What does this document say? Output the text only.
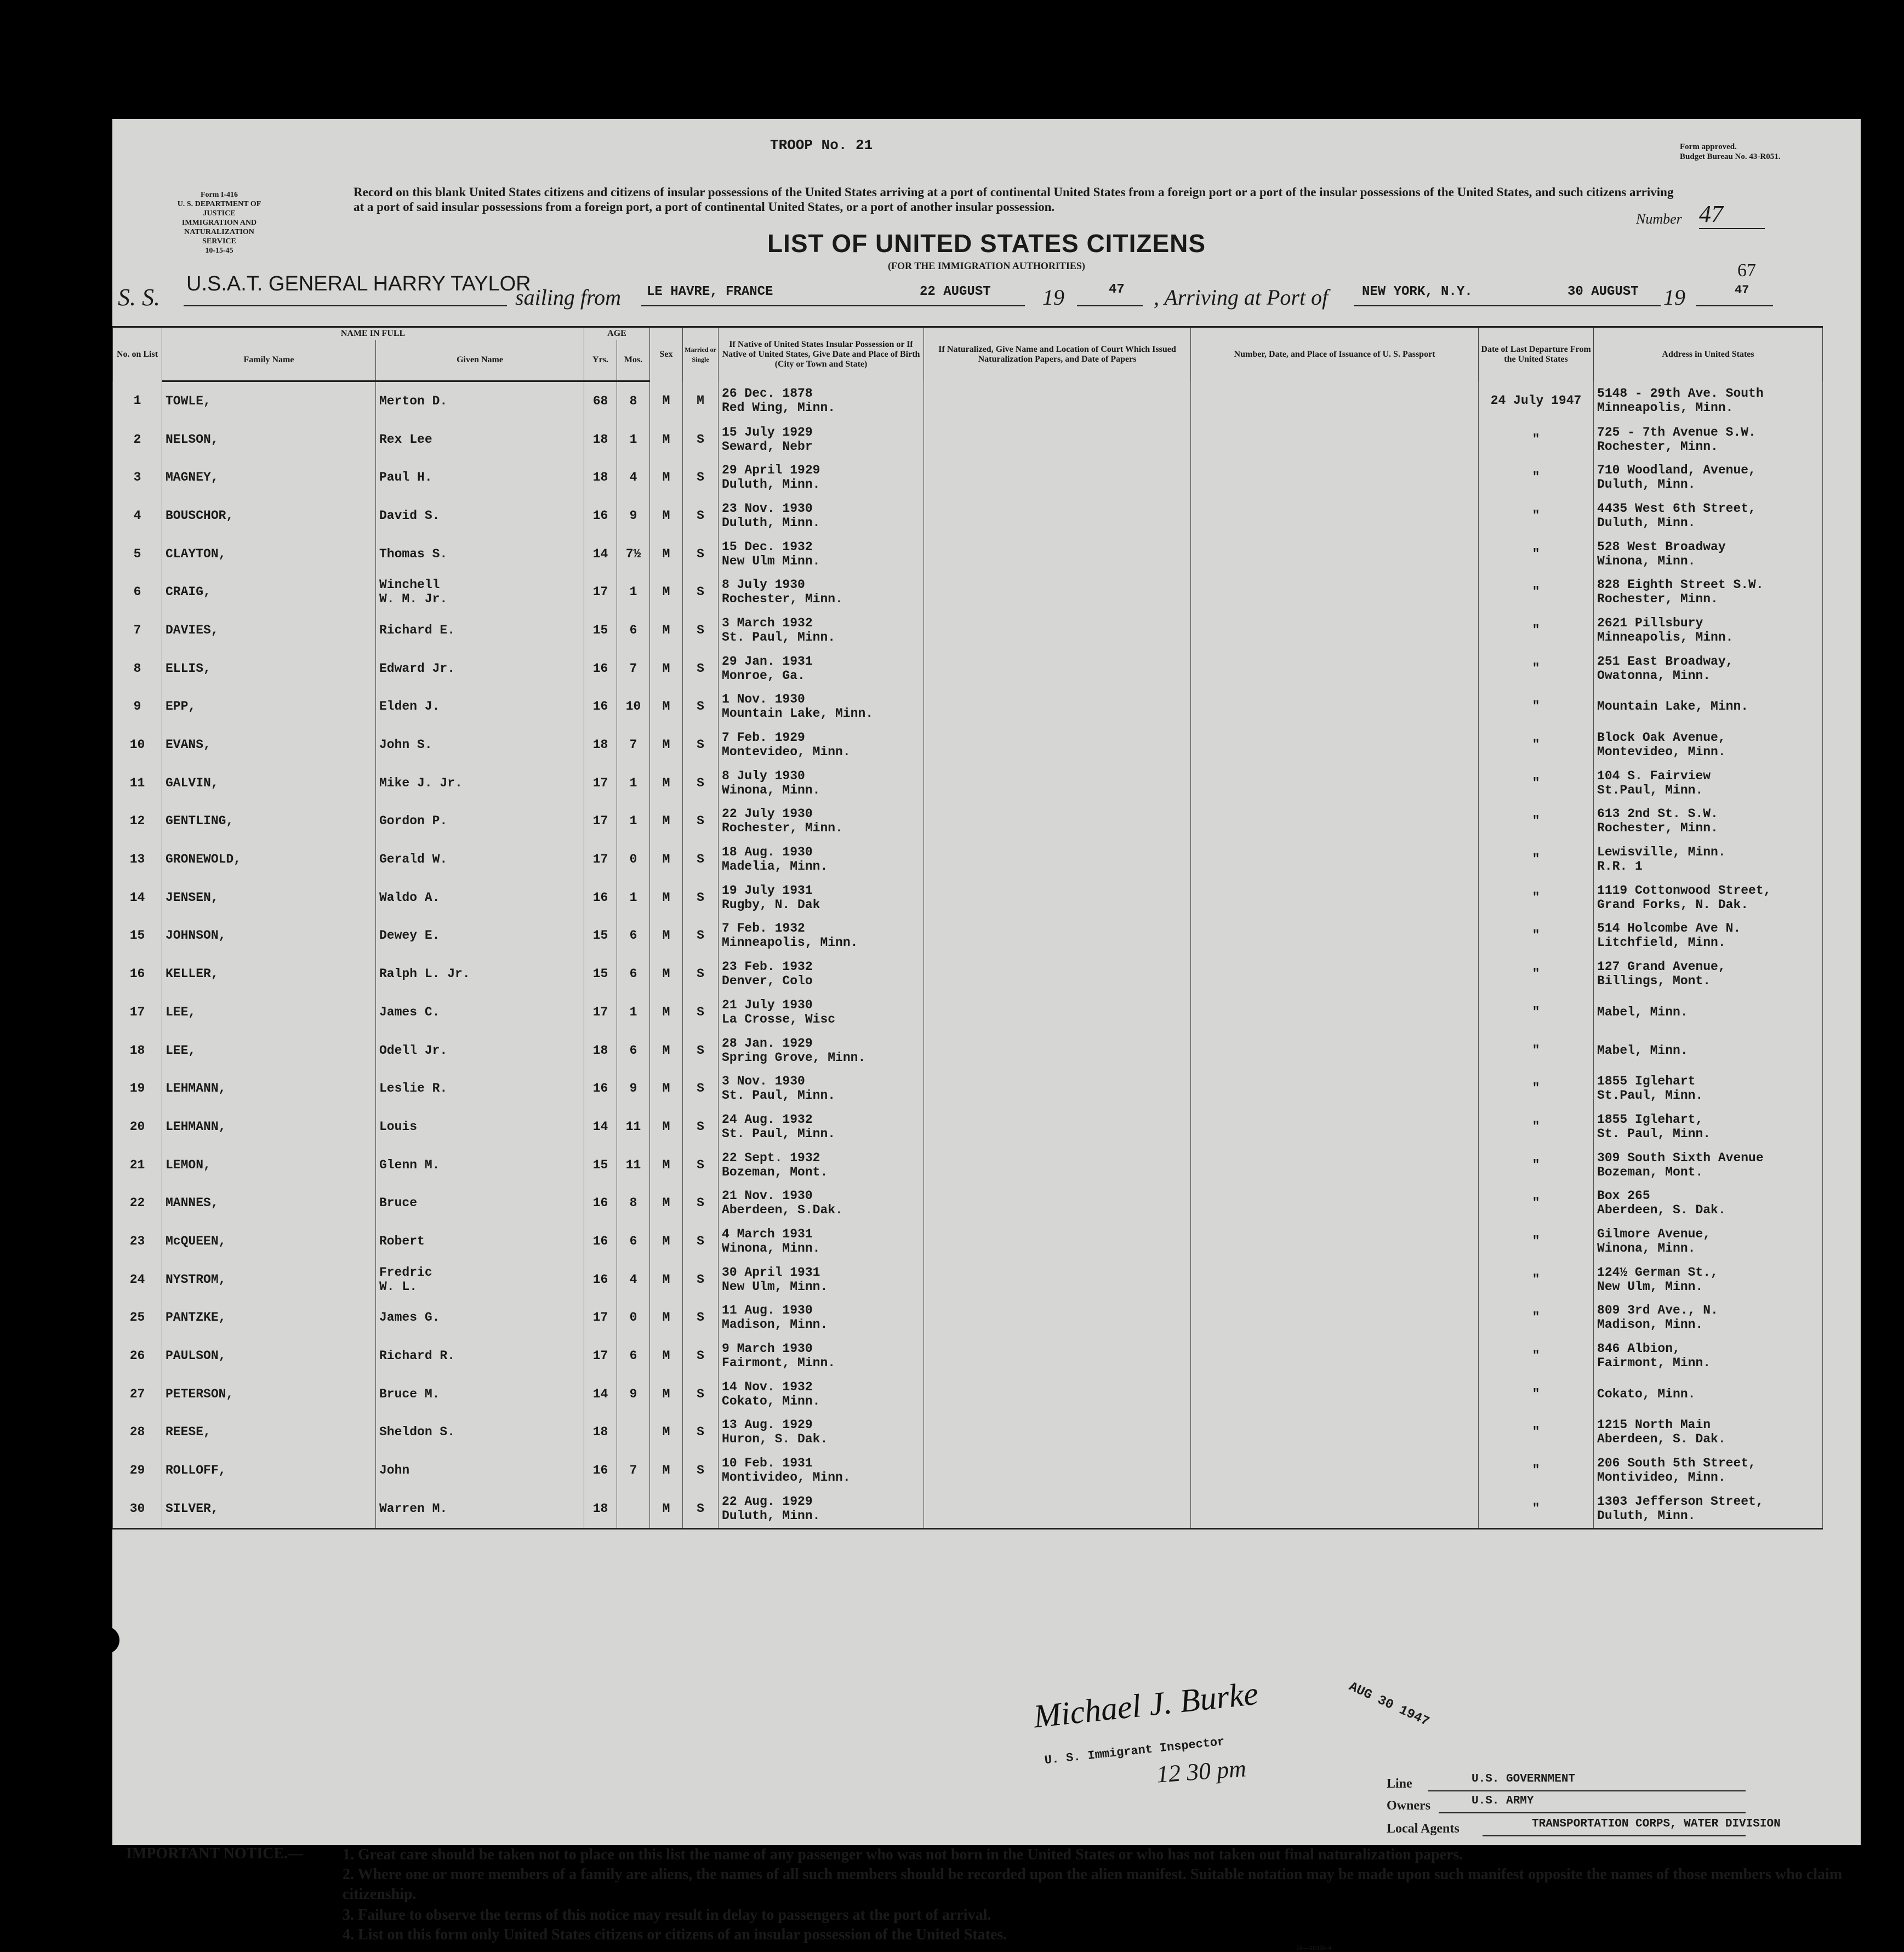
TROOP No. 21
Form I-416
U. S. DEPARTMENT OF JUSTICE
IMMIGRATION AND NATURALIZATION SERVICE
10-15-45
Form approved.
Budget Bureau No. 43-R051.
Record on this blank United States citizens and citizens of insular possessions of the United States arriving at a port of continental United States from a foreign port or a port of the insular possessions of the United States, and such citizens arriving at a port of said insular possessions from a foreign port, a port of continental United States, or a port of another insular possession.
Number 47
LIST OF UNITED STATES CITIZENS
(FOR THE IMMIGRATION AUTHORITIES)
S. S. U.S.A.T. GENERAL HARRY TAYLOR
sailing from LE HAVRE, FRANCE	22 AUGUST 19	47 , Arriving at Port of	NEW YORK, N.Y.	30 AUGUST 19	47
67
No. on List	NAME IN FULL		AGE		Sex	Married or Single	If Native of United States Insular Possession or If Native of United States, Give Date and Place of Birth (City or Town and State)	If Naturalized, Give Name and Location of Court Which Issued Naturalization Papers, and Date of Papers	Number, Date, and Place of Issuance of U. S. Passport	Date of Last Departure From the United States	Address in United States
	Family Name	Given Name	Yrs.	Mos.							
1	TOWLE,	Merton D.	68	8	M	M	26 Dec. 1878
Red Wing, Minn.			24 July 1947	5148 - 29th Ave. South
Minneapolis, Minn.
2	NELSON,	Rex Lee	18	1	M	S	15 July 1929
Seward, Nebr			"	725 - 7th Avenue S.W.
Rochester, Minn.
3	MAGNEY,	Paul H.	18	4	M	S	29 April 1929
Duluth, Minn.			"	710 Woodland, Avenue,
Duluth, Minn.
4	BOUSCHOR,	David S.	16	9	M	S	23 Nov. 1930
Duluth, Minn.			"	4435 West 6th Street,
Duluth, Minn.
5	CLAYTON,	Thomas S.	14	7½	M	S	15 Dec. 1932
New Ulm Minn.			"	528 West Broadway
Winona, Minn.
6	CRAIG,	Winchell
W. M. Jr.	17	1	M	S	8 July 1930
Rochester, Minn.			"	828 Eighth Street S.W.
Rochester, Minn.
7	DAVIES,	Richard E.	15	6	M	S	3 March 1932
St. Paul, Minn.			"	2621 Pillsbury
Minneapolis, Minn.
8	ELLIS,	Edward Jr.	16	7	M	S	29 Jan. 1931
Monroe, Ga.			"	251 East Broadway,
Owatonna, Minn.
9	EPP,	Elden J.	16	10	M	S	1 Nov. 1930
Mountain Lake, Minn.			"	Mountain Lake, Minn.
10	EVANS,	John S.	18	7	M	S	7 Feb. 1929
Montevideo, Minn.			"	Block Oak Avenue,
Montevideo, Minn.
11	GALVIN,	Mike J. Jr.	17	1	M	S	8 July 1930
Winona, Minn.			"	104 S. Fairview
St.Paul, Minn.
12	GENTLING,	Gordon P.	17	1	M	S	22 July 1930
Rochester, Minn.			"	613 2nd St. S.W.
Rochester, Minn.
13	GRONEWOLD,	Gerald W.	17	0	M	S	18 Aug. 1930
Madelia, Minn.			"	Lewisville, Minn.
R.R. 1
14	JENSEN,	Waldo A.	16	1	M	S	19 July 1931
Rugby, N. Dak			"	1119 Cottonwood Street,
Grand Forks, N. Dak.
15	JOHNSON,	Dewey E.	15	6	M	S	7 Feb. 1932
Minneapolis, Minn.			"	514 Holcombe Ave N.
Litchfield, Minn.
16	KELLER,	Ralph L. Jr.	15	6	M	S	23 Feb. 1932
Denver, Colo			"	127 Grand Avenue,
Billings, Mont.
17	LEE,	James C.	17	1	M	S	21 July 1930
La Crosse, Wisc			"	Mabel, Minn.
18	LEE,	Odell Jr.	18	6	M	S	28 Jan. 1929
Spring Grove, Minn.			"	Mabel, Minn.
19	LEHMANN,	Leslie R.	16	9	M	S	3 Nov. 1930
St. Paul, Minn.			"	1855 Iglehart
St.Paul, Minn.
20	LEHMANN,	Louis	14	11	M	S	24 Aug. 1932
St. Paul, Minn.			"	1855 Iglehart,
St. Paul, Minn.
21	LEMON,	Glenn M.	15	11	M	S	22 Sept. 1932
Bozeman, Mont.			"	309 South Sixth Avenue
Bozeman, Mont.
22	MANNES,	Bruce	16	8	M	S	21 Nov. 1930
Aberdeen, S.Dak.			"	Box 265
Aberdeen, S. Dak.
23	McQUEEN,	Robert	16	6	M	S	4 March 1931
Winona, Minn.			"	Gilmore Avenue,
Winona, Minn.
24	NYSTROM,	Fredric
W. L.	16	4	M	S	30 April 1931
New Ulm, Minn.			"	124½ German St.,
New Ulm, Minn.
25	PANTZKE,	James G.	17	0	M	S	11 Aug. 1930
Madison, Minn.			"	809 3rd Ave., N.
Madison, Minn.
26	PAULSON,	Richard R.	17	6	M	S	9 March 1930
Fairmont, Minn.			"	846 Albion,
Fairmont, Minn.
27	PETERSON,	Bruce M.	14	9	M	S	14 Nov. 1932
Cokato, Minn.			"	Cokato, Minn.
28	REESE,	Sheldon S.	18		M	S	13 Aug. 1929
Huron, S. Dak.			"	1215 North Main
Aberdeen, S. Dak.
29	ROLLOFF,	John	16	7	M	S	10 Feb. 1931
Montivideo, Minn.			"	206 South 5th Street,
Montivideo, Minn.
30	SILVER,	Warren M.	18		M	S	22 Aug. 1929
Duluth, Minn.			"	1303 Jefferson Street,
Duluth, Minn.
Michael J. Burke
U. S. Immigrant Inspector
AUG 30 1947
12 30 pm	Line	U.S. GOVERNMENT
Owners	U.S. ARMY
Local Agents	TRANSPORTATION CORPS, WATER DIVISION
IMPORTANT NOTICE.—	1. Great care should be taken not to place on this list the name of any passenger who was not born in the United States or who has not taken out final naturalization papers.
2. Where one or more members of a family are aliens, the names of all such members should be recorded upon the alien manifest. Suitable notation may be made upon such manifest opposite the names of those members who claim citizenship.
3. Failure to observe the terms of this notice may result in delay to passengers at the port of arrival.
4. List on this form only United States citizens or citizens of an insular possession of the United States.
16—10350-4
